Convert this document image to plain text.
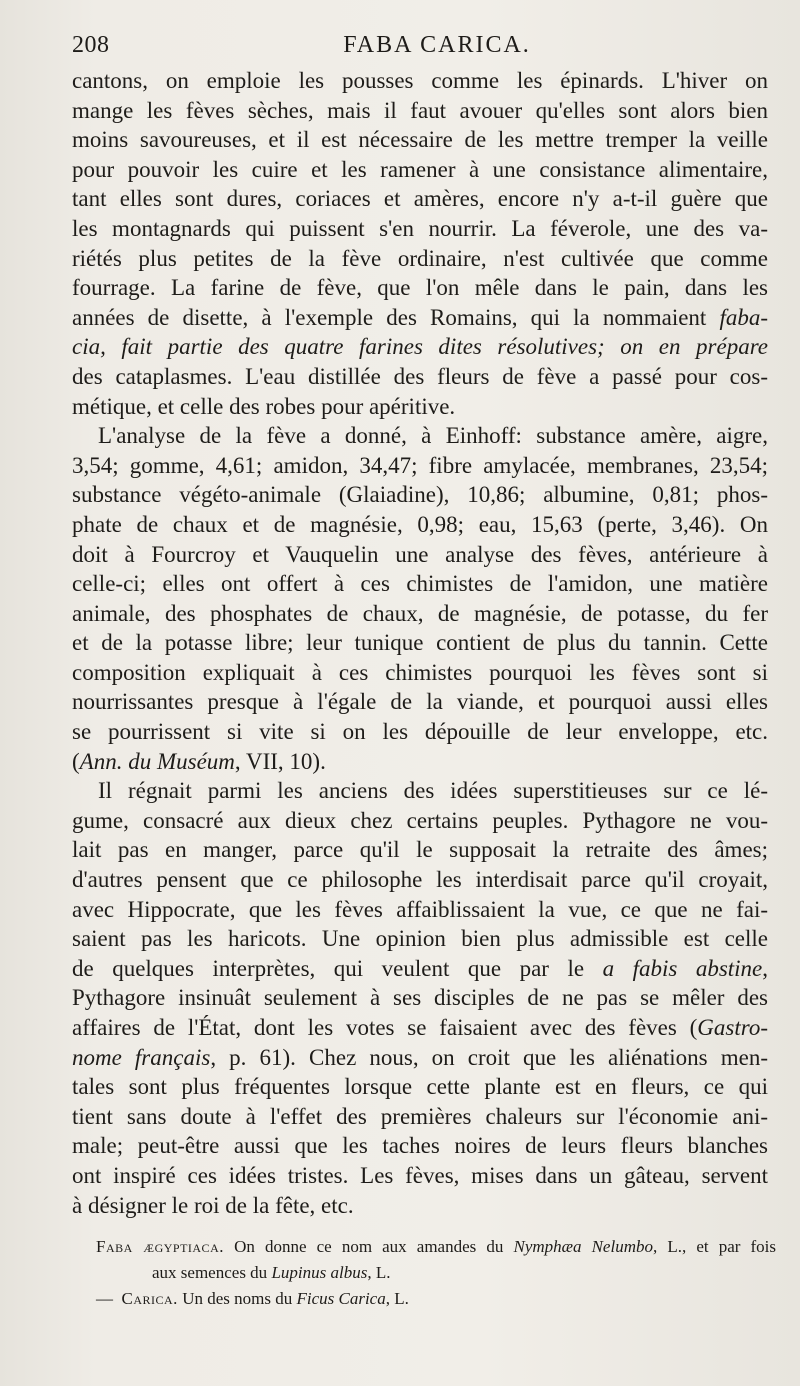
208	FABA CARICA.
cantons, on emploie les pousses comme les épinards. L'hiver on
mange les fèves sèches, mais il faut avouer qu'elles sont alors bien
moins savoureuses, et il est nécessaire de les mettre tremper la veille
pour pouvoir les cuire et les ramener à une consistance alimentaire,
tant elles sont dures, coriaces et amères, encore n'y a-t-il guère que
les montagnards qui puissent s'en nourrir. La féverole, une des va-
riétés plus petites de la fève ordinaire, n'est cultivée que comme
fourrage. La farine de fève, que l'on mêle dans le pain, dans les
années de disette, à l'exemple des Romains, qui la nommaient faba-
cia, fait partie des quatre farines dites résolutives; on en prépare
des cataplasmes. L'eau distillée des fleurs de fève a passé pour cos-
métique, et celle des robes pour apéritive.
L'analyse de la fève a donné, à Einhoff: substance amère, aigre,
3,54; gomme, 4,61; amidon, 34,47; fibre amylacée, membranes, 23,54;
substance végéto-animale (Glaiadine), 10,86; albumine, 0,81; phos-
phate de chaux et de magnésie, 0,98; eau, 15,63 (perte, 3,46). On
doit à Fourcroy et Vauquelin une analyse des fèves, antérieure à
celle-ci; elles ont offert à ces chimistes de l'amidon, une matière
animale, des phosphates de chaux, de magnésie, de potasse, du fer
et de la potasse libre; leur tunique contient de plus du tannin. Cette
composition expliquait à ces chimistes pourquoi les fèves sont si
nourrissantes presque à l'égale de la viande, et pourquoi aussi elles
se pourrissent si vite si on les dépouille de leur enveloppe, etc.
(Ann. du Muséum, VII, 10).
Il régnait parmi les anciens des idées superstitieuses sur ce lé-
gume, consacré aux dieux chez certains peuples. Pythagore ne vou-
lait pas en manger, parce qu'il le supposait la retraite des âmes;
d'autres pensent que ce philosophe les interdisait parce qu'il croyait,
avec Hippocrate, que les fèves affaiblissaient la vue, ce que ne fai-
saient pas les haricots. Une opinion bien plus admissible est celle
de quelques interprètes, qui veulent que par le a fabis abstine,
Pythagore insinuât seulement à ses disciples de ne pas se mêler des
affaires de l'État, dont les votes se faisaient avec des fèves (Gastro-
nome français, p. 61). Chez nous, on croit que les aliénations men-
tales sont plus fréquentes lorsque cette plante est en fleurs, ce qui
tient sans doute à l'effet des premières chaleurs sur l'économie ani-
male; peut-être aussi que les taches noires de leurs fleurs blanches
ont inspiré ces idées tristes. Les fèves, mises dans un gâteau, servent
à désigner le roi de la fête, etc.
Faba ægyptiaca. On donne ce nom aux amandes du Nymphæa Nelumbo, L., et par fois
aux semences du Lupinus albus, L.
— Carica. Un des noms du Ficus Carica, L.
